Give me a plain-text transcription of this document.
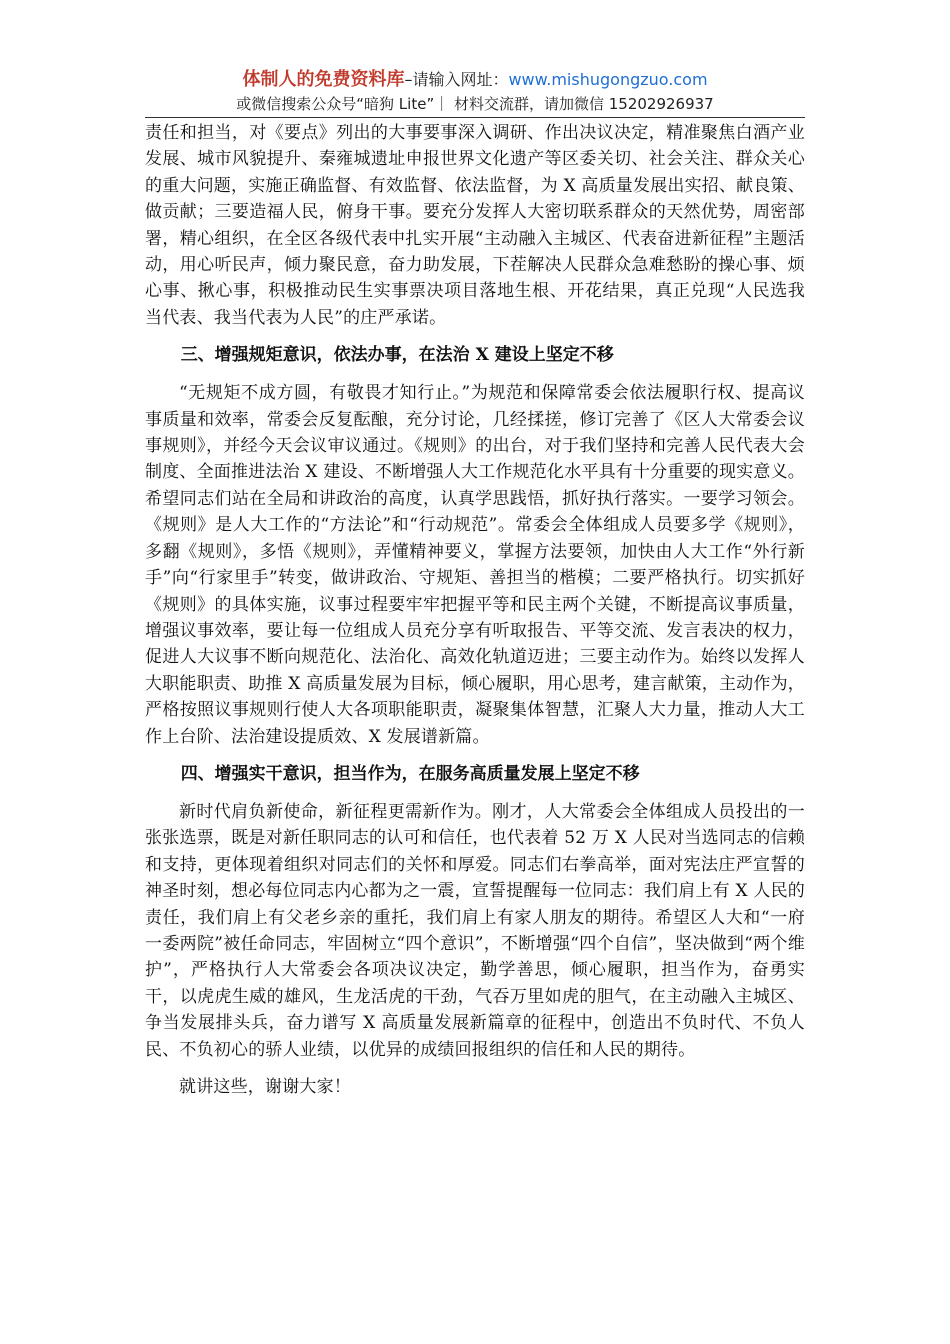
体制人的免费资料库–请输入网址：www.mishugongzuo.com
或微信搜索公众号“暗狗 Lite”｜ 材料交流群，请加微信 15202926937

责任和担当，对《要点》列出的大事要事深入调研、作出决议决定，精准聚焦白酒产业发展、城市风貌提升、秦雍城遗址申报世界文化遗产等区委关切、社会关注、群众关心的重大问题，实施正确监督、有效监督、依法监督，为 X 高质量发展出实招、献良策、做贡献；三要造福人民，俯身干事。要充分发挥人大密切联系群众的天然优势，周密部署，精心组织，在全区各级代表中扎实开展“主动融入主城区、代表奋进新征程”主题活动，用心听民声，倾力聚民意，奋力助发展，下茬解决人民群众急难愁盼的操心事、烦心事、揪心事，积极推动民生实事票决项目落地生根、开花结果，真正兑现“人民选我当代表、我当代表为人民”的庄严承诺。

三、增强规矩意识，依法办事，在法治 X 建设上坚定不移

“无规矩不成方圆，有敬畏才知行止。”为规范和保障常委会依法履职行权、提高议事质量和效率，常委会反复酝酿，充分讨论，几经揉搓，修订完善了《区人大常委会议事规则》，并经今天会议审议通过。《规则》的出台，对于我们坚持和完善人民代表大会制度、全面推进法治 X 建设、不断增强人大工作规范化水平具有十分重要的现实意义。希望同志们站在全局和讲政治的高度，认真学思践悟，抓好执行落实。一要学习领会。《规则》是人大工作的“方法论”和“行动规范”。常委会全体组成人员要多学《规则》，多翻《规则》，多悟《规则》，弄懂精神要义，掌握方法要领，加快由人大工作“外行新手”向“行家里手”转变，做讲政治、守规矩、善担当的楷模；二要严格执行。切实抓好《规则》的具体实施，议事过程要牢牢把握平等和民主两个关键，不断提高议事质量，增强议事效率，要让每一位组成人员充分享有听取报告、平等交流、发言表决的权力，促进人大议事不断向规范化、法治化、高效化轨道迈进；三要主动作为。始终以发挥人大职能职责、助推 X 高质量发展为目标，倾心履职，用心思考，建言献策，主动作为，严格按照议事规则行使人大各项职能职责，凝聚集体智慧，汇聚人大力量，推动人大工作上台阶、法治建设提质效、X 发展谱新篇。

四、增强实干意识，担当作为，在服务高质量发展上坚定不移

新时代肩负新使命，新征程更需新作为。刚才，人大常委会全体组成人员投出的一张张选票，既是对新任职同志的认可和信任，也代表着 52 万 X 人民对当选同志的信赖和支持，更体现着组织对同志们的关怀和厚爱。同志们右拳高举，面对宪法庄严宣誓的神圣时刻，想必每位同志内心都为之一震，宣誓提醒每一位同志：我们肩上有 X 人民的责任，我们肩上有父老乡亲的重托，我们肩上有家人朋友的期待。希望区人大和“一府一委两院”被任命同志，牢固树立“四个意识”，不断增强“四个自信”，坚决做到“两个维护”，严格执行人大常委会各项决议决定，勤学善思，倾心履职，担当作为，奋勇实干，以虎虎生威的雄风，生龙活虎的干劲，气吞万里如虎的胆气，在主动融入主城区、争当发展排头兵，奋力谱写 X 高质量发展新篇章的征程中，创造出不负时代、不负人民、不负初心的骄人业绩，以优异的成绩回报组织的信任和人民的期待。

就讲这些，谢谢大家！
